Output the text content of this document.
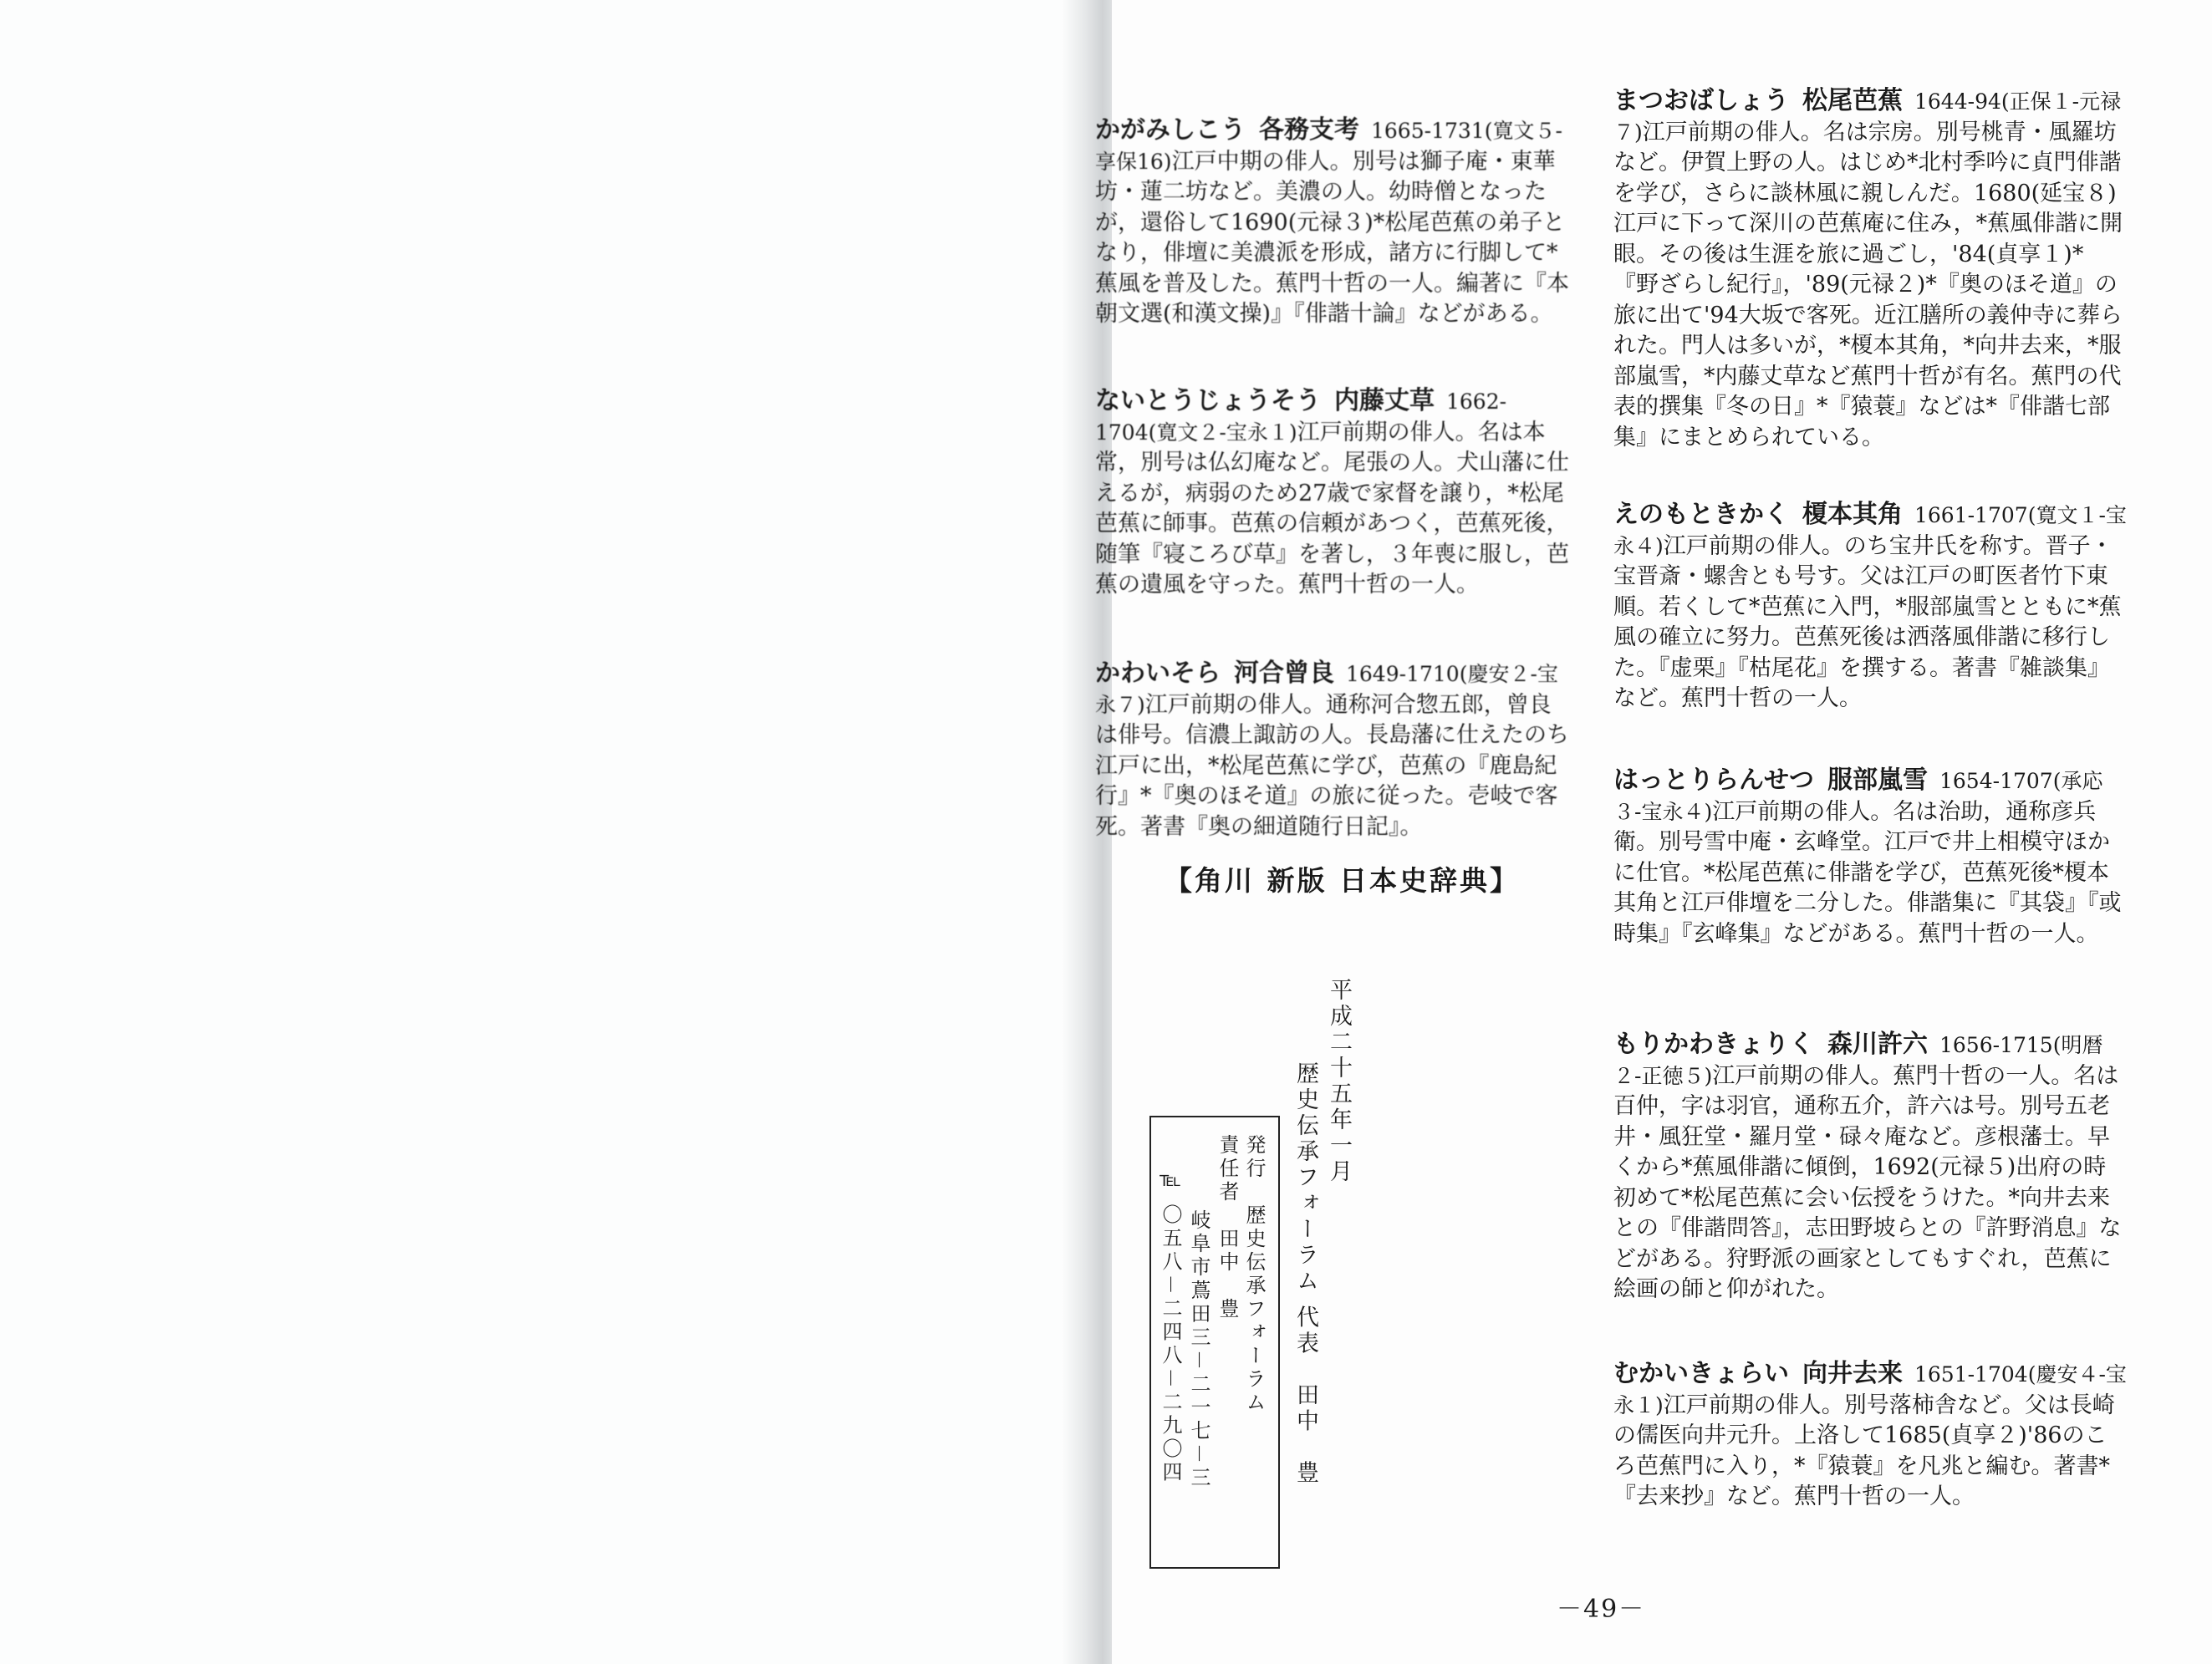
かがみしこう 各務支考 1665-1731(寛文５-享保16)江戸中期の俳人。別号は獅子庵・東華坊・蓮二坊など。美濃の人。幼時僧となったが，還俗して1690(元禄３)*松尾芭蕉の弟子となり，俳壇に美濃派を形成，諸方に行脚して*蕉風を普及した。蕉門十哲の一人。編著に『本朝文選(和漢文操)』『俳諧十論』などがある。
ないとうじょうそう 内藤丈草 1662-1704(寛文２-宝永１)江戸前期の俳人。名は本常，別号は仏幻庵など。尾張の人。犬山藩に仕えるが，病弱のため27歳で家督を譲り，*松尾芭蕉に師事。芭蕉の信頼があつく，芭蕉死後，随筆『寝ころび草』を著し，３年喪に服し，芭蕉の遺風を守った。蕉門十哲の一人。
かわいそら 河合曾良 1649-1710(慶安２-宝永７)江戸前期の俳人。通称河合惣五郎，曾良は俳号。信濃上諏訪の人。長島藩に仕えたのち江戸に出，*松尾芭蕉に学び，芭蕉の『鹿島紀行』*『奥のほそ道』の旅に従った。壱岐で客死。著書『奥の細道随行日記』。
【角川 新版 日本史辞典】
平成二十五年一月
歴史伝承フォーラム 代表　田中　豊
発行　歴史伝承フォーラム
責任者　田中　豊
岐阜市蔦田三－二一七－三
℡ 〇五八－二四八－二九〇四
まつおばしょう 松尾芭蕉 1644-94(正保１-元禄７)江戸前期の俳人。名は宗房。別号桃青・風羅坊など。伊賀上野の人。はじめ*北村季吟に貞門俳諧を学び，さらに談林風に親しんだ。1680(延宝８)江戸に下って深川の芭蕉庵に住み，*蕉風俳諧に開眼。その後は生涯を旅に過ごし，'84(貞享１)*『野ざらし紀行』，'89(元禄２)*『奥のほそ道』の旅に出て'94大坂で客死。近江膳所の義仲寺に葬られた。門人は多いが，*榎本其角，*向井去来，*服部嵐雪，*内藤丈草など蕉門十哲が有名。蕉門の代表的撰集『冬の日』*『猿蓑』などは*『俳諧七部集』にまとめられている。
えのもときかく 榎本其角 1661-1707(寛文１-宝永４)江戸前期の俳人。のち宝井氏を称す。晋子・宝晋斎・螺舎とも号す。父は江戸の町医者竹下東順。若くして*芭蕉に入門，*服部嵐雪とともに*蕉風の確立に努力。芭蕉死後は洒落風俳諧に移行した。『虚栗』『枯尾花』を撰する。著書『雑談集』など。蕉門十哲の一人。
はっとりらんせつ 服部嵐雪 1654-1707(承応３-宝永４)江戸前期の俳人。名は治助，通称彦兵衛。別号雪中庵・玄峰堂。江戸で井上相模守ほかに仕官。*松尾芭蕉に俳諧を学び，芭蕉死後*榎本其角と江戸俳壇を二分した。俳諧集に『其袋』『或時集』『玄峰集』などがある。蕉門十哲の一人。
もりかわきょりく 森川許六 1656-1715(明暦２-正徳５)江戸前期の俳人。蕉門十哲の一人。名は百仲，字は羽官，通称五介，許六は号。別号五老井・風狂堂・羅月堂・碌々庵など。彦根藩士。早くから*蕉風俳諧に傾倒，1692(元禄５)出府の時初めて*松尾芭蕉に会い伝授をうけた。*向井去来との『俳諧問答』，志田野坡らとの『許野消息』などがある。狩野派の画家としてもすぐれ，芭蕉に絵画の師と仰がれた。
むかいきょらい 向井去来 1651-1704(慶安４-宝永１)江戸前期の俳人。別号落柿舎など。父は長崎の儒医向井元升。上洛して1685(貞享２)'86のころ芭蕉門に入り，*『猿蓑』を凡兆と編む。著書*『去来抄』など。蕉門十哲の一人。
－49－
